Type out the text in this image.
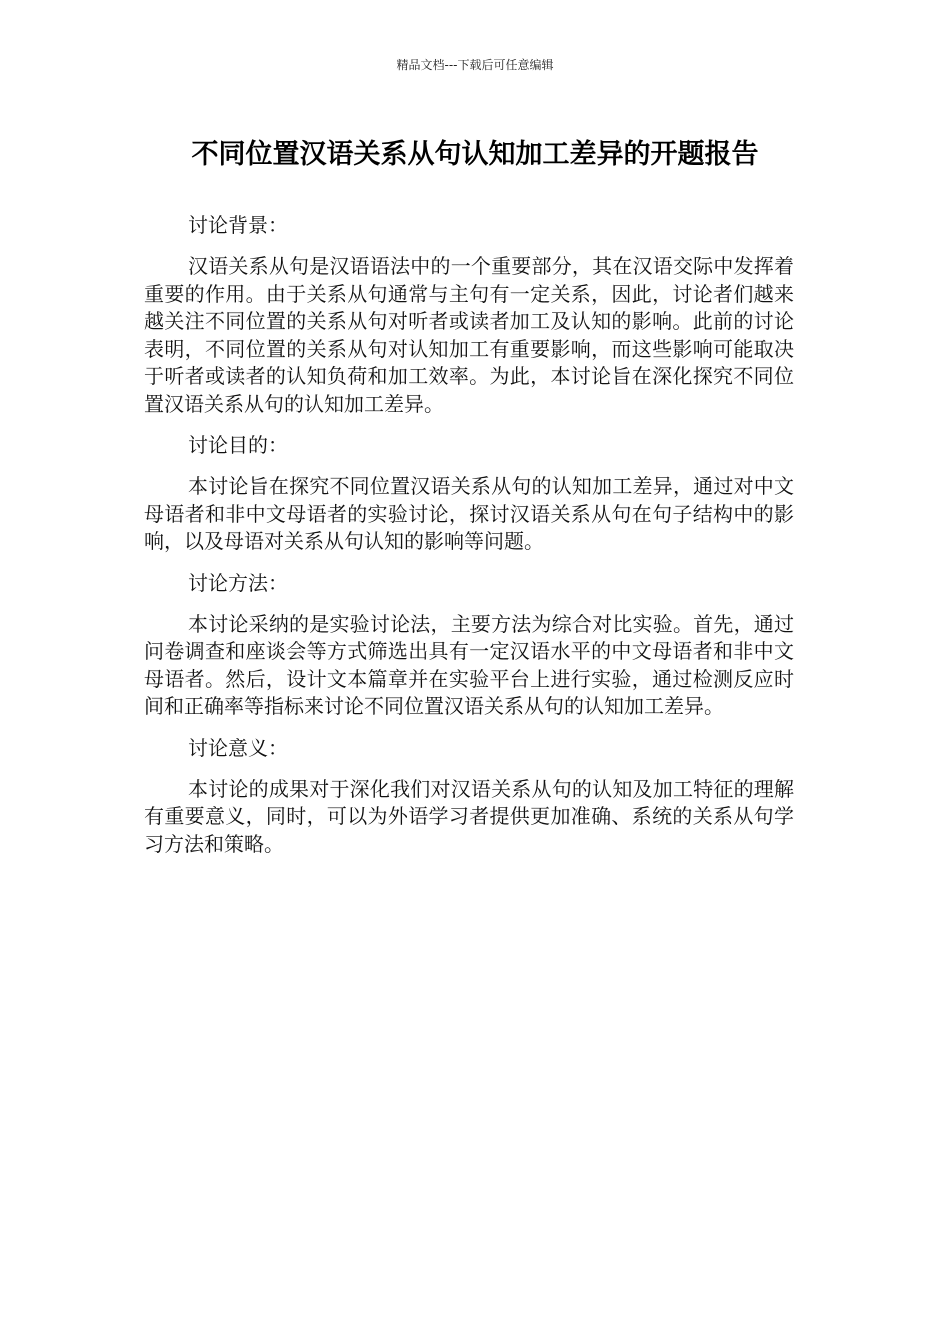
精品文档---下载后可任意编辑
不同位置汉语关系从句认知加工差异的开题报告
讨论背景：
汉语关系从句是汉语语法中的一个重要部分，其在汉语交际中发挥着重要的作用。由于关系从句通常与主句有一定关系，因此，讨论者们越来越关注不同位置的关系从句对听者或读者加工及认知的影响。此前的讨论表明，不同位置的关系从句对认知加工有重要影响，而这些影响可能取决于听者或读者的认知负荷和加工效率。为此，本讨论旨在深化探究不同位置汉语关系从句的认知加工差异。
讨论目的：
本讨论旨在探究不同位置汉语关系从句的认知加工差异，通过对中文母语者和非中文母语者的实验讨论，探讨汉语关系从句在句子结构中的影响，以及母语对关系从句认知的影响等问题。
讨论方法：
本讨论采纳的是实验讨论法，主要方法为综合对比实验。首先，通过问卷调查和座谈会等方式筛选出具有一定汉语水平的中文母语者和非中文母语者。然后，设计文本篇章并在实验平台上进行实验，通过检测反应时间和正确率等指标来讨论不同位置汉语关系从句的认知加工差异。
讨论意义：
本讨论的成果对于深化我们对汉语关系从句的认知及加工特征的理解有重要意义，同时，可以为外语学习者提供更加准确、系统的关系从句学习方法和策略。
